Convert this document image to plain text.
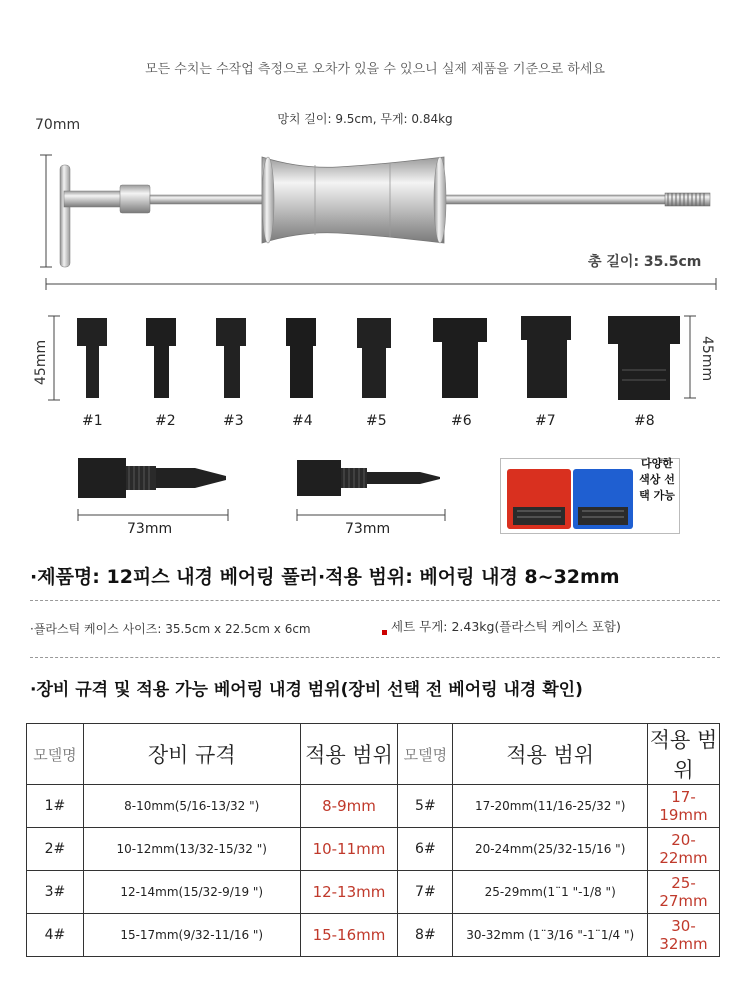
모든 수치는 수작업 측정으로 오차가 있을 수 있으니 실제 제품을 기준으로 하세요
70mm	망치 길이: 9.5cm, 무게: 0.84kg
총 길이: 35.5cm
45mm	45mm
#1	#2	#3	#4	#5	#6	#7	#8
73mm	73mm
다양한 색상 선택 가능
·제품명: 12피스 내경 베어링 풀러·적용 범위: 베어링 내경 8~32mm
·플라스틱 케이스 사이즈: 35.5cm x 22.5cm x 6cm	세트 무게: 2.43kg(플라스틱 케이스 포함)
·장비 규격 및 적용 가능 베어링 내경 범위(장비 선택 전 베어링 내경 확인)
모델명	장비 규격	적용 범위	모델명	적용 범위	적용 범위
1#	8-10mm(5/16-13/32 ")	8-9mm	5#	17-20mm(11/16-25/32 ")	17-19mm
2#	10-12mm(13/32-15/32 ")	10-11mm	6#	20-24mm(25/32-15/16 ")	20-22mm
3#	12-14mm(15/32-9/19 ")	12-13mm	7#	25-29mm(1¨1 "-1/8 ")	25-27mm
4#	15-17mm(9/32-11/16 ")	15-16mm	8#	30-32mm (1¨3/16 "-1¨1/4 ")	30-32mm
